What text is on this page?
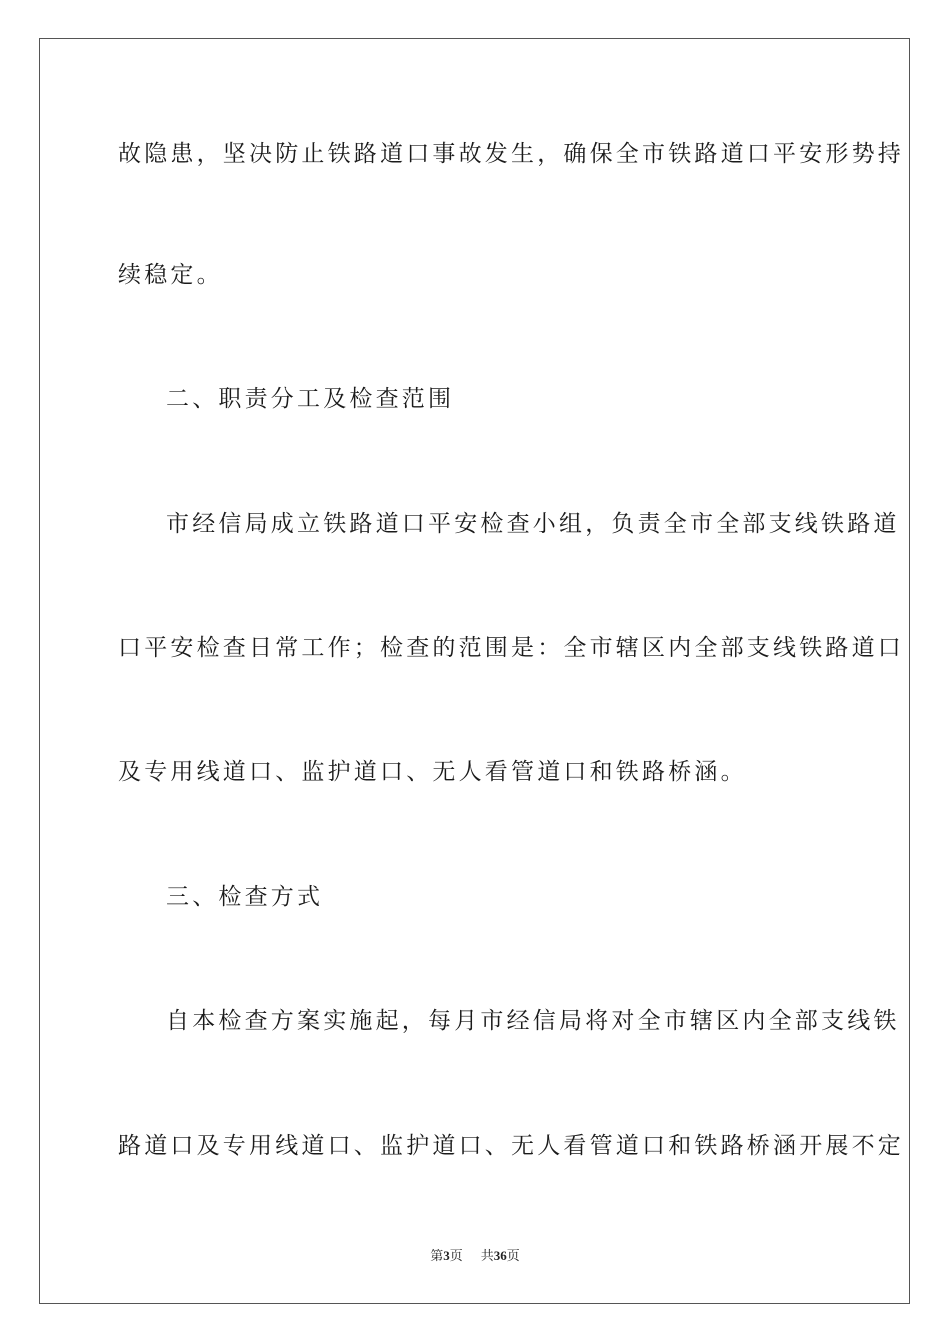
故隐患，坚决防止铁路道口事故发生，确保全市铁路道口平安形势持
续稳定。
二、职责分工及检查范围
市经信局成立铁路道口平安检查小组，负责全市全部支线铁路道
口平安检查日常工作；检查的范围是：全市辖区内全部支线铁路道口
及专用线道口、监护道口、无人看管道口和铁路桥涵。
三、检查方式
自本检查方案实施起，每月市经信局将对全市辖区内全部支线铁
路道口及专用线道口、监护道口、无人看管道口和铁路桥涵开展不定
第3页 共36页
